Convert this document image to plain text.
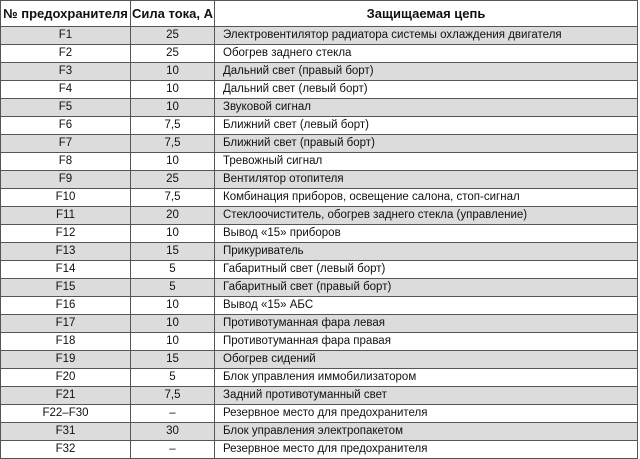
№ предохранителя	Сила тока, А	Защищаемая цепь
F1	25	Электровентилятор радиатора системы охлаждения двигателя
F2	25	Обогрев заднего стекла
F3	10	Дальний свет (правый борт)
F4	10	Дальний свет (левый борт)
F5	10	Звуковой сигнал
F6	7,5	Ближний свет (левый борт)
F7	7,5	Ближний свет (правый борт)
F8	10	Тревожный сигнал
F9	25	Вентилятор отопителя
F10	7,5	Комбинация приборов, освещение салона, стоп-сигнал
F11	20	Стеклоочиститель, обогрев заднего стекла (управление)
F12	10	Вывод «15» приборов
F13	15	Прикуриватель
F14	5	Габаритный свет (левый борт)
F15	5	Габаритный свет (правый борт)
F16	10	Вывод «15» АБС
F17	10	Противотуманная фара левая
F18	10	Противотуманная фара правая
F19	15	Обогрев сидений
F20	5	Блок управления иммобилизатором
F21	7,5	Задний противотуманный свет
F22–F30	–	Резервное место для предохранителя
F31	30	Блок управления электропакетом
F32	–	Резервное место для предохранителя
